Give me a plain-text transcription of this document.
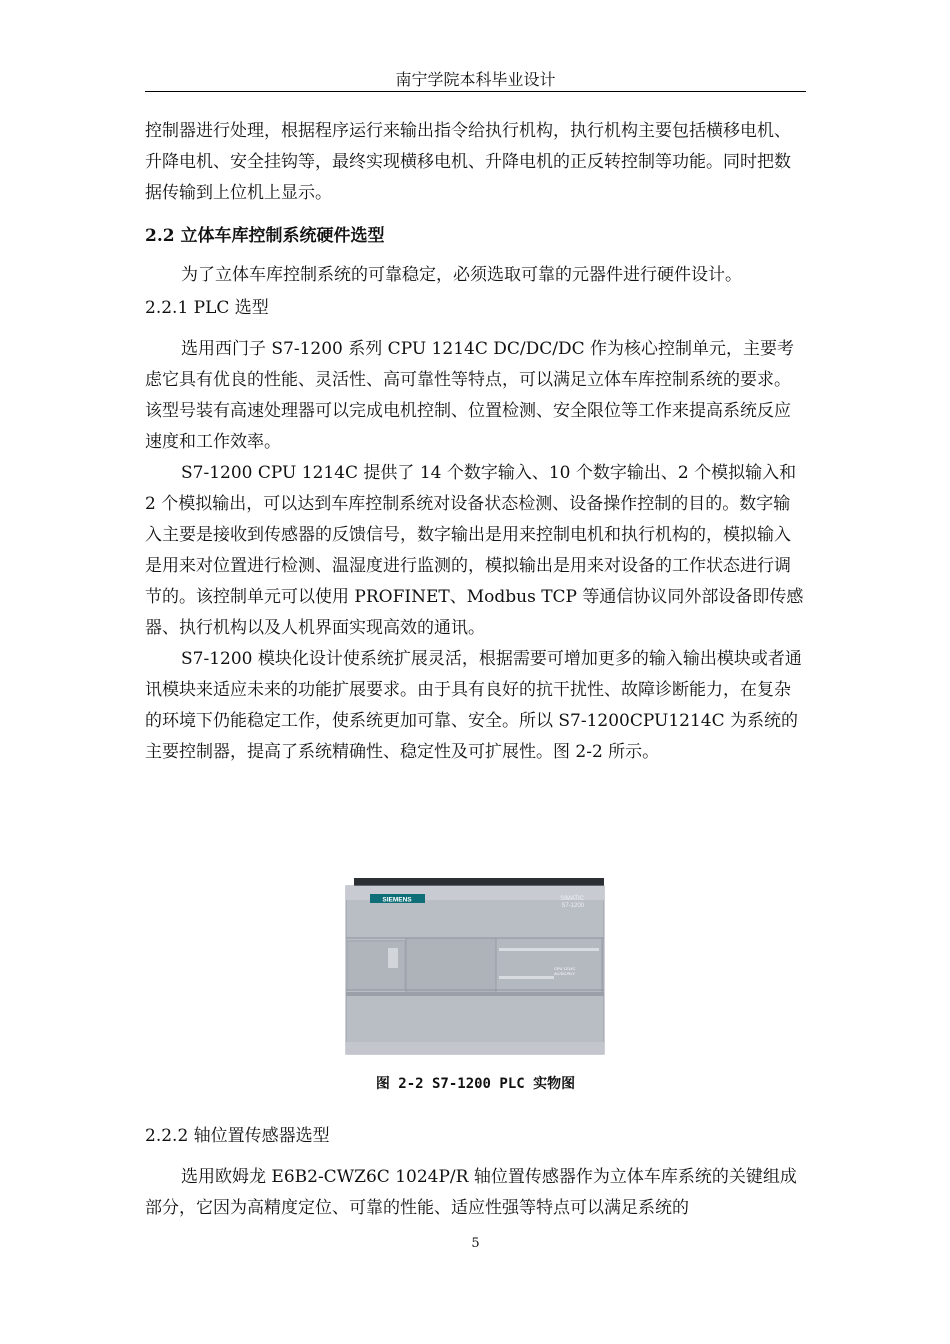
南宁学院本科毕业设计

控制器进行处理，根据程序运行来输出指令给执行机构，执行机构主要包括横移电机、升降电机、安全挂钩等，最终实现横移电机、升降电机的正反转控制等功能。同时把数据传输到上位机上显示。

2.2 立体车库控制系统硬件选型

为了立体车库控制系统的可靠稳定，必须选取可靠的元器件进行硬件设计。

2.2.1 PLC 选型

选用西门子 S7-1200 系列 CPU 1214C DC/DC/DC 作为核心控制单元，主要考虑它具有优良的性能、灵活性、高可靠性等特点，可以满足立体车库控制系统的要求。该型号装有高速处理器可以完成电机控制、位置检测、安全限位等工作来提高系统反应速度和工作效率。

S7-1200 CPU 1214C 提供了 14 个数字输入、10 个数字输出、2 个模拟输入和 2 个模拟输出，可以达到车库控制系统对设备状态检测、设备操作控制的目的。数字输入主要是接收到传感器的反馈信号，数字输出是用来控制电机和执行机构的，模拟输入是用来对位置进行检测、温湿度进行监测的，模拟输出是用来对设备的工作状态进行调节的。该控制单元可以使用 PROFINET、Modbus TCP 等通信协议同外部设备即传感器、执行机构以及人机界面实现高效的通讯。

S7-1200 模块化设计使系统扩展灵活，根据需要可增加更多的输入输出模块或者通讯模块来适应未来的功能扩展要求。由于具有良好的抗干扰性、故障诊断能力，在复杂的环境下仍能稳定工作，使系统更加可靠、安全。所以 S7-1200CPU1214C 为系统的主要控制器，提高了系统精确性、稳定性及可扩展性。图 2-2 所示。

SIEMENS	SIMATIC
S7-1200
CPU 1214C
AC/DC/RLY
图 2-2 S7-1200 PLC 实物图

2.2.2 轴位置传感器选型

选用欧姆龙 E6B2-CWZ6C 1024P/R 轴位置传感器作为立体车库系统的关键组成部分，它因为高精度定位、可靠的性能、适应性强等特点可以满足系统的

5
